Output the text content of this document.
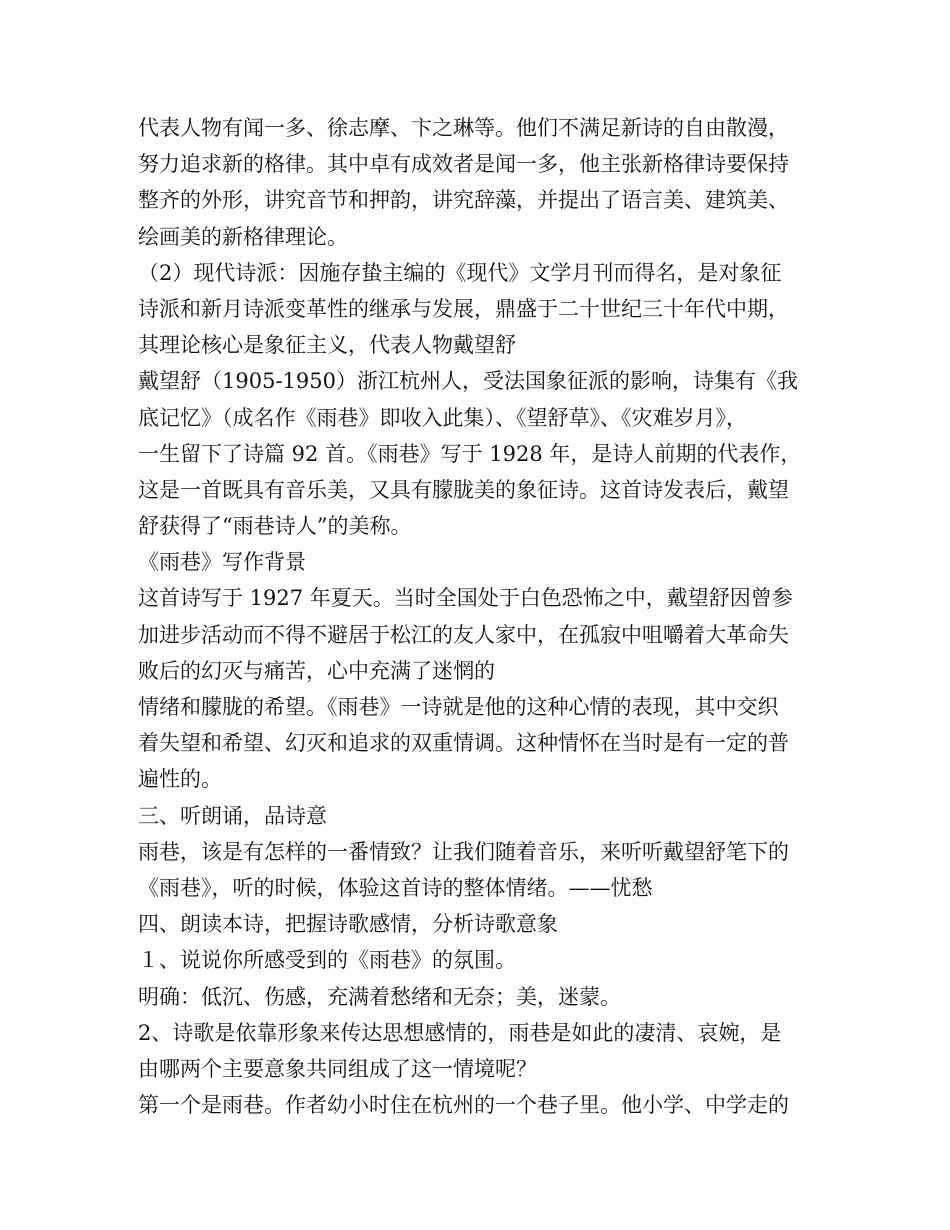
代表人物有闻一多、徐志摩、卞之琳等。他们不满足新诗的自由散漫，
努力追求新的格律。其中卓有成效者是闻一多，他主张新格律诗要保持
整齐的外形，讲究音节和押韵，讲究辞藻，并提出了语言美、建筑美、
绘画美的新格律理论。
（2）现代诗派：因施存蛰主编的《现代》文学月刊而得名，是对象征
诗派和新月诗派变革性的继承与发展，鼎盛于二十世纪三十年代中期，
其理论核心是象征主义，代表人物戴望舒
戴望舒（1905-1950）浙江杭州人，受法国象征派的影响，诗集有《我
底记忆》（成名作《雨巷》即收入此集）、《望舒草》、《灾难岁月》，
一生留下了诗篇 92 首。《雨巷》写于 1928 年，是诗人前期的代表作，
这是一首既具有音乐美，又具有朦胧美的象征诗。这首诗发表后，戴望
舒获得了“雨巷诗人”的美称。
《雨巷》写作背景
这首诗写于 1927 年夏天。当时全国处于白色恐怖之中，戴望舒因曾参
加进步活动而不得不避居于松江的友人家中，在孤寂中咀嚼着大革命失
败后的幻灭与痛苦，心中充满了迷惘的
情绪和朦胧的希望。《雨巷》一诗就是他的这种心情的表现，其中交织
着失望和希望、幻灭和追求的双重情调。这种情怀在当时是有一定的普
遍性的。
三、听朗诵，品诗意
雨巷，该是有怎样的一番情致？让我们随着音乐，来听听戴望舒笔下的
《雨巷》，听的时候，体验这首诗的整体情绪。——忧愁
四、朗读本诗，把握诗歌感情，分析诗歌意象
１、说说你所感受到的《雨巷》的氛围。
明确：低沉、伤感，充满着愁绪和无奈；美，迷蒙。
2、诗歌是依靠形象来传达思想感情的，雨巷是如此的凄清、哀婉，是
由哪两个主要意象共同组成了这一情境呢？
第一个是雨巷。作者幼小时住在杭州的一个巷子里。他小学、中学走的
